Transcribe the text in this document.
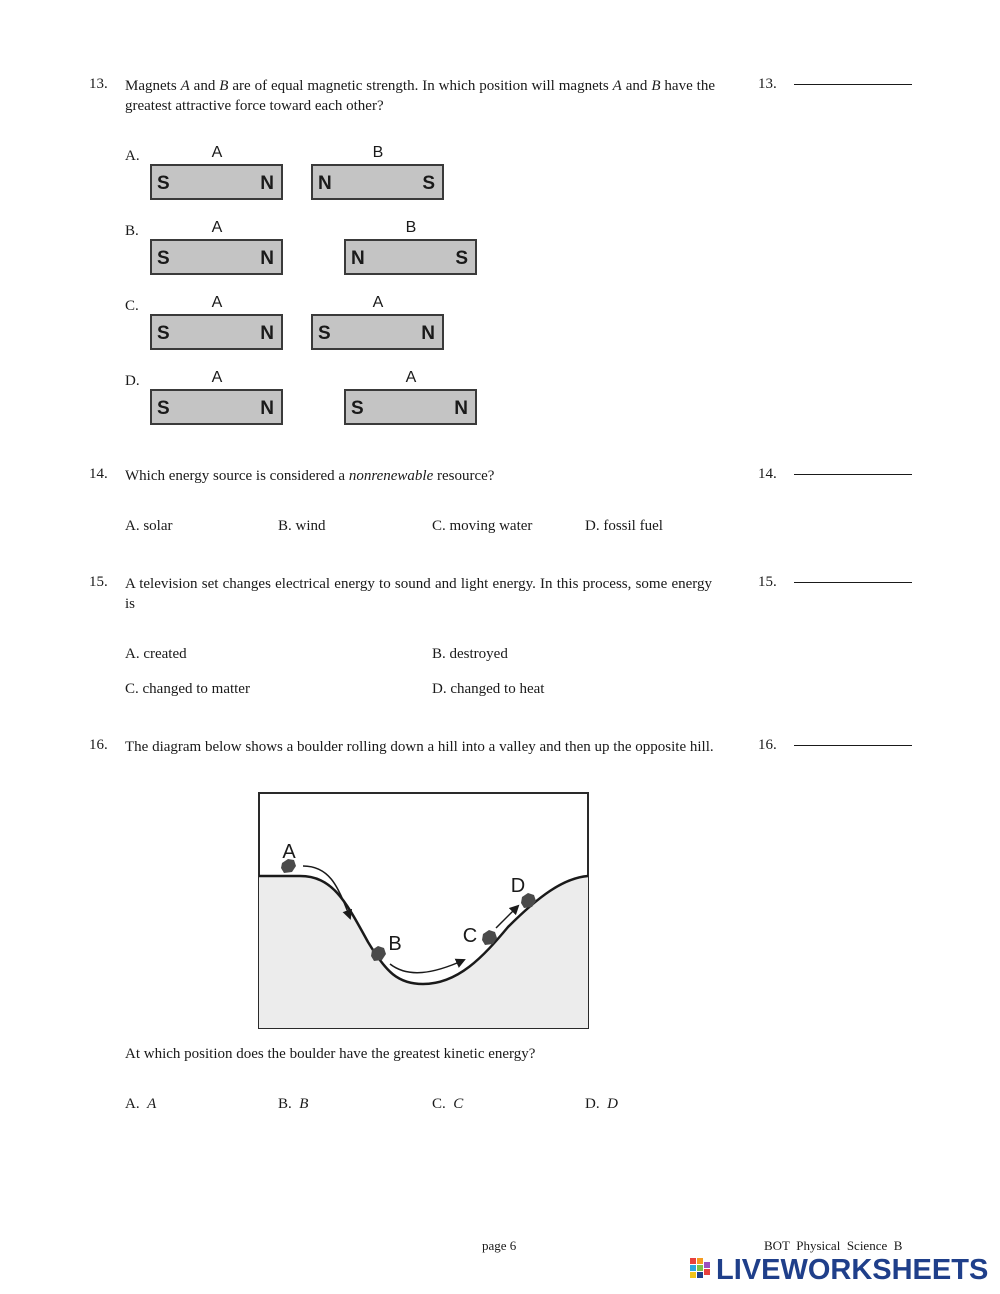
13. Magnets A and B are of equal magnetic strength. In which position will magnets A and B have the greatest attractive force toward each other?
13.
A.	A	B
S	N N	S
B.	A	B
S	N	N	S
C.	A	A
S	N S	N
D.	A	A
S	N	S	N
14. Which energy source is considered a nonrenewable resource?	14.
A. solar	B. wind	C. moving water	D. fossil fuel
15. A television set changes electrical energy to sound and light energy. In this process, some energy is
15.
A. created	B. destroyed
C. changed to matter	D. changed to heat
16. The diagram below shows a boulder rolling down a hill into a valley and then up the opposite hill.	16.
A
B	C
D
At which position does the boulder have the greatest kinetic energy?
A. A	B. B	C. C	D. D
page 6	BOT  Physical  Science  B
LIVEWORKSHEETS
